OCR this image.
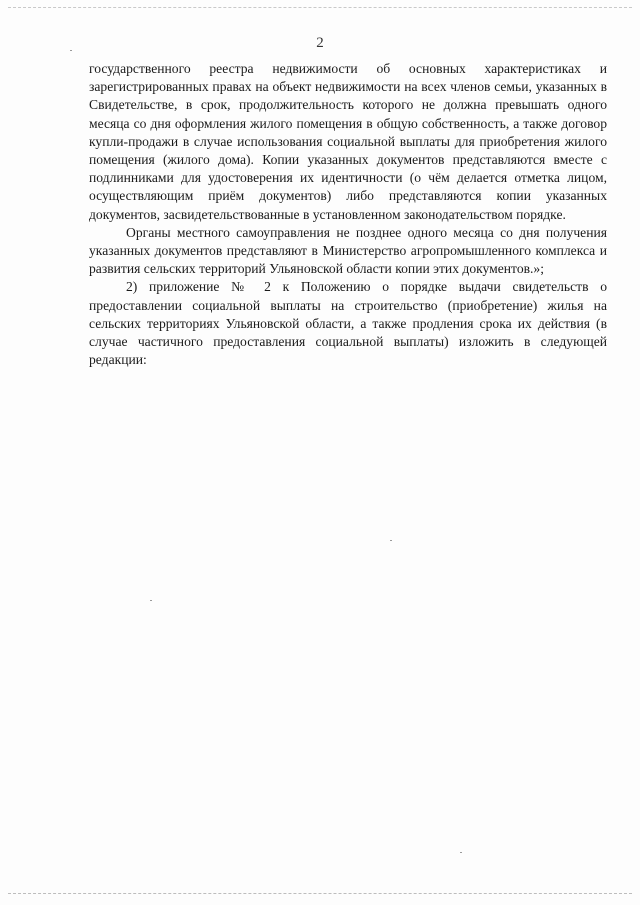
2

государственного реестра недвижимости об основных характеристиках и зарегистрированных правах на объект недвижимости на всех членов семьи, указанных в Свидетельстве, в срок, продолжительность которого не должна превышать одного месяца со дня оформления жилого помещения в общую собственность, а также договор купли-продажи в случае использования социальной выплаты для приобретения жилого помещения (жилого дома). Копии указанных документов представляются вместе с подлинниками для удостоверения их идентичности (о чём делается отметка лицом, осуществляющим приём документов) либо представляются копии указанных документов, засвидетельствованные в установленном законодательством порядке.

Органы местного самоуправления не позднее одного месяца со дня получения указанных документов представляют в Министерство агропромышленного комплекса и развития сельских территорий Ульяновской области копии этих документов.»;

2) приложение № 2 к Положению о порядке выдачи свидетельств о предоставлении социальной выплаты на строительство (приобретение) жилья на сельских территориях Ульяновской области, а также продления срока их действия (в случае частичного предоставления социальной выплаты) изложить в следующей редакции:
